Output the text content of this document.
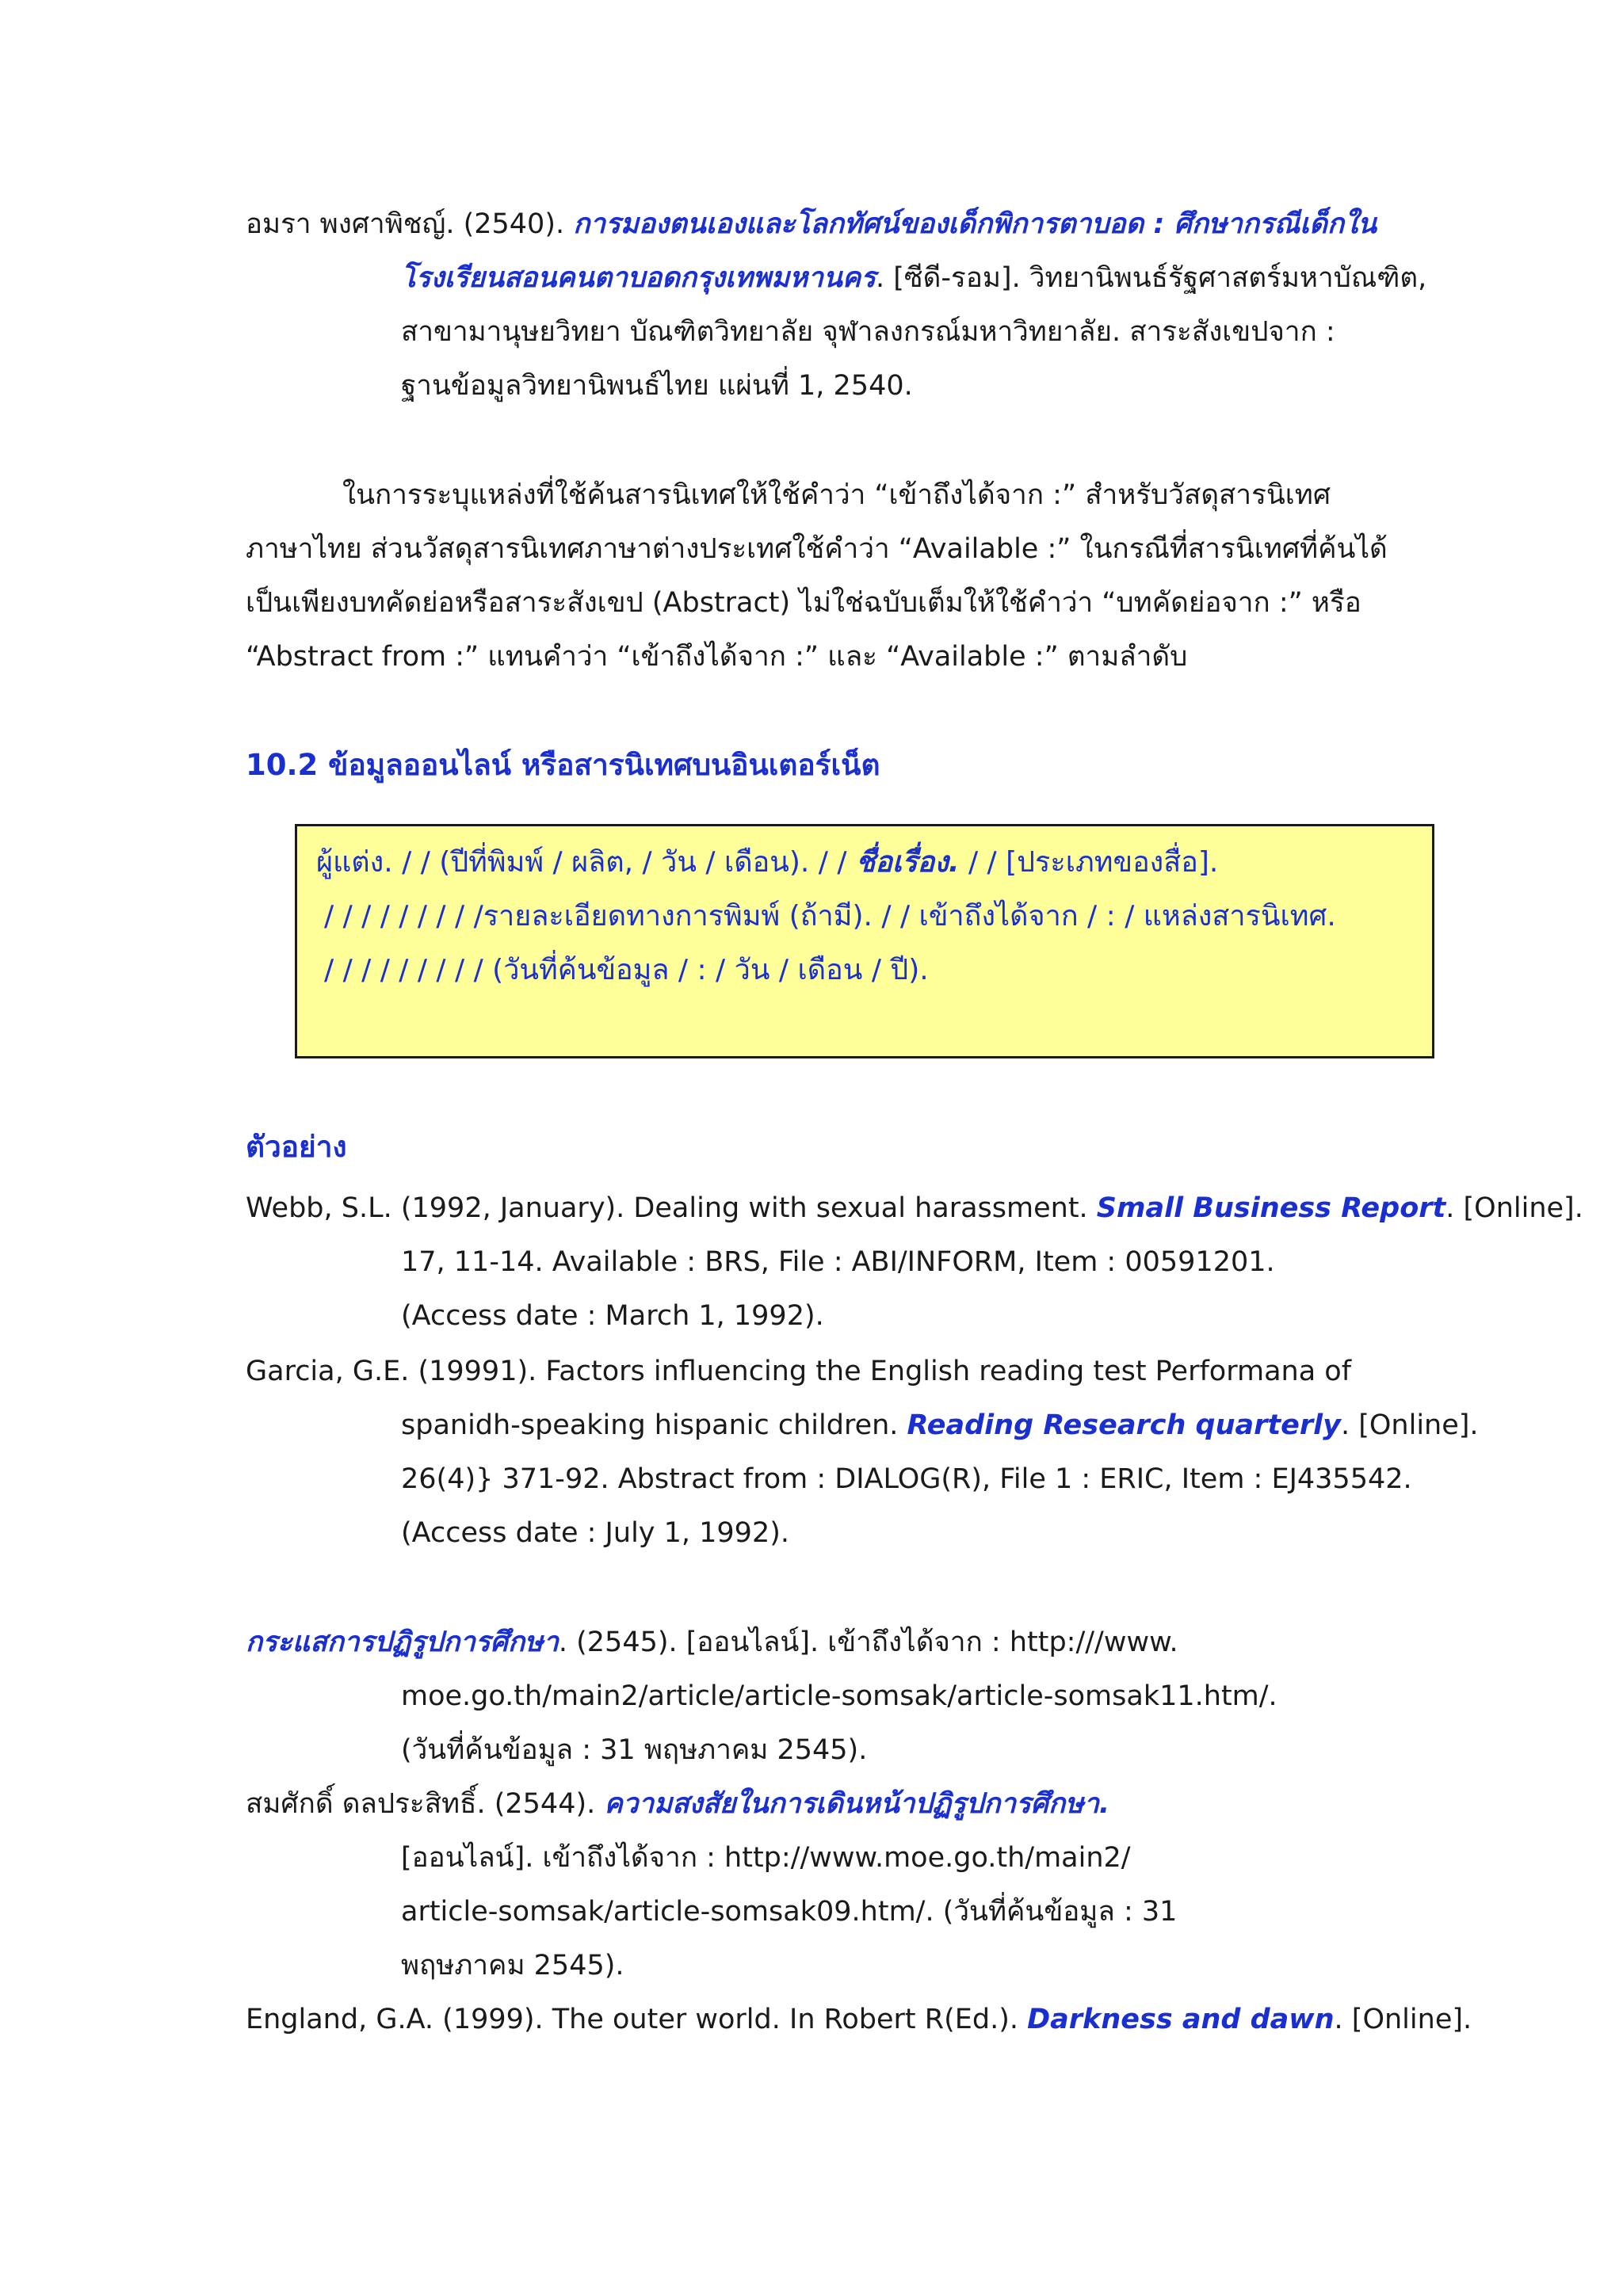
อมรา พงศาพิชญ์. (2540). การมองตนเองและโลกทัศน์ของเด็กพิการตาบอด : ศึกษากรณีเด็กใน
โรงเรียนสอนคนตาบอดกรุงเทพมหานคร. [ซีดี-รอม]. วิทยานิพนธ์รัฐศาสตร์มหาบัณฑิต,
สาขามานุษยวิทยา บัณฑิตวิทยาลัย จุฬาลงกรณ์มหาวิทยาลัย. สาระสังเขปจาก :
ฐานข้อมูลวิทยานิพนธ์ไทย แผ่นที่ 1, 2540.
ในการระบุแหล่งที่ใช้ค้นสารนิเทศให้ใช้คำว่า “เข้าถึงได้จาก :” สำหรับวัสดุสารนิเทศ
ภาษาไทย ส่วนวัสดุสารนิเทศภาษาต่างประเทศใช้คำว่า “Available :” ในกรณีที่สารนิเทศที่ค้นได้
เป็นเพียงบทคัดย่อหรือสาระสังเขป (Abstract) ไม่ใช่ฉบับเต็มให้ใช้คำว่า “บทคัดย่อจาก :” หรือ
“Abstract from :” แทนคำว่า “เข้าถึงได้จาก :” และ “Available :” ตามลำดับ
10.2 ข้อมูลออนไลน์ หรือสารนิเทศบนอินเตอร์เน็ต
ผู้แต่ง. / / (ปีที่พิมพ์ / ผลิต, / วัน / เดือน). / / ชื่อเรื่อง. / / [ประเภทของสื่อ].
/ / / / / / / / /รายละเอียดทางการพิมพ์ (ถ้ามี). / / เข้าถึงได้จาก / : / แหล่งสารนิเทศ.
/ / / / / / / / / (วันที่ค้นข้อมูล / : / วัน / เดือน / ปี).
ตัวอย่าง
Webb, S.L. (1992, January). Dealing with sexual harassment. Small Business Report. [Online].
17, 11-14. Available : BRS, File : ABI/INFORM, Item : 00591201.
(Access date : March 1, 1992).
Garcia, G.E. (19991). Factors influencing the English reading test Performana of
spanidh-speaking hispanic children. Reading Research quarterly. [Online].
26(4)} 371-92. Abstract from : DIALOG(R), File 1 : ERIC, Item : EJ435542.
(Access date : July 1, 1992).
กระแสการปฏิรูปการศึกษา. (2545). [ออนไลน์]. เข้าถึงได้จาก : http:///www.
moe.go.th/main2/article/article-somsak/article-somsak11.htm/.
(วันที่ค้นข้อมูล : 31 พฤษภาคม 2545).
สมศักดิ์ ดลประสิทธิ์. (2544). ความสงสัยในการเดินหน้าปฏิรูปการศึกษา.
[ออนไลน์]. เข้าถึงได้จาก : http://www.moe.go.th/main2/
article-somsak/article-somsak09.htm/. (วันที่ค้นข้อมูล : 31
พฤษภาคม 2545).
England, G.A. (1999). The outer world. In Robert R(Ed.). Darkness and dawn. [Online].
